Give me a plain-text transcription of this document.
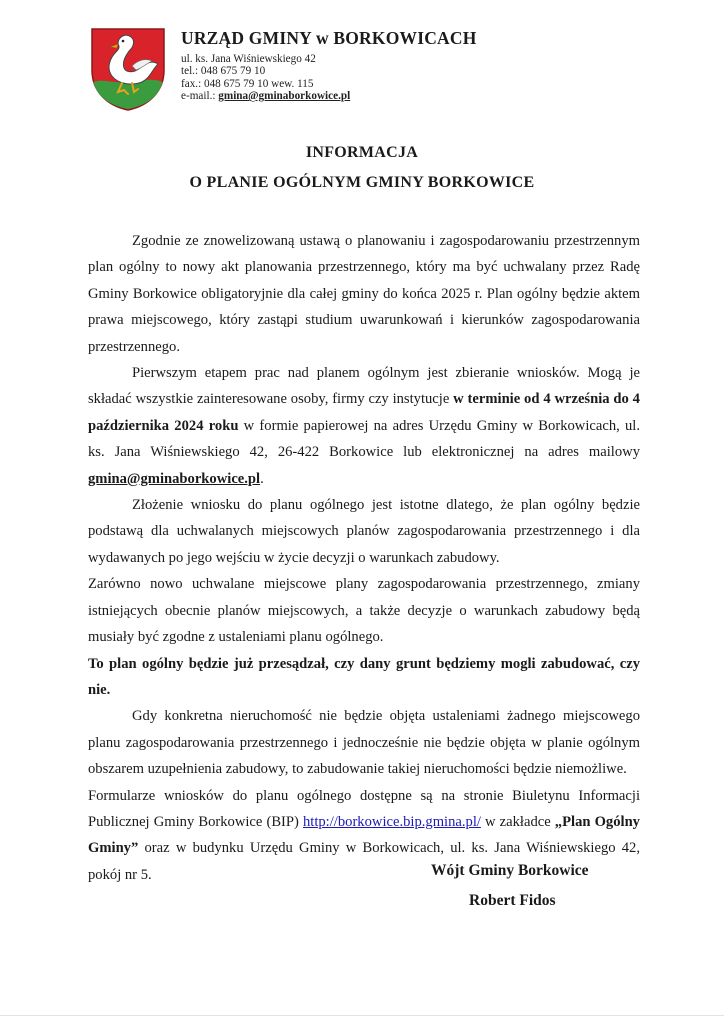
URZĄD GMINY w BORKOWICACH
ul. ks. Jana Wiśniewskiego 42
tel.: 048 675 79 10
fax.: 048 675 79 10 wew. 115
e-mail.: gmina@gminaborkowice.pl
INFORMACJA
O PLANIE OGÓLNYM GMINY BORKOWICE

Zgodnie ze znowelizowaną ustawą o planowaniu i zagospodarowaniu przestrzennym plan ogólny to nowy akt planowania przestrzennego, który ma być uchwalany przez Radę Gminy Borkowice obligatoryjnie dla całej gminy do końca 2025 r. Plan ogólny będzie aktem prawa miejscowego, który zastąpi studium uwarunkowań i kierunków zagospodarowania przestrzennego.

Pierwszym etapem prac nad planem ogólnym jest zbieranie wniosków. Mogą je składać wszystkie zainteresowane osoby, firmy czy instytucje w terminie od 4 września do 4 października 2024 roku w formie papierowej na adres Urzędu Gminy w Borkowicach, ul. ks. Jana Wiśniewskiego 42, 26-422 Borkowice lub elektronicznej na adres mailowy gmina@gminaborkowice.pl.

Złożenie wniosku do planu ogólnego jest istotne dlatego, że plan ogólny będzie podstawą dla uchwalanych miejscowych planów zagospodarowania przestrzennego i dla wydawanych po jego wejściu w życie decyzji o warunkach zabudowy.

Zarówno nowo uchwalane miejscowe plany zagospodarowania przestrzennego, zmiany istniejących obecnie planów miejscowych, a także decyzje o warunkach zabudowy będą musiały być zgodne z ustaleniami planu ogólnego.

To plan ogólny będzie już przesądzał, czy dany grunt będziemy mogli zabudować, czy nie.

Gdy konkretna nieruchomość nie będzie objęta ustaleniami żadnego miejscowego planu zagospodarowania przestrzennego i jednocześnie nie będzie objęta w planie ogólnym obszarem uzupełnienia zabudowy, to zabudowanie takiej nieruchomości będzie niemożliwe.

Formularze wniosków do planu ogólnego dostępne są na stronie Biuletynu Informacji Publicznej Gminy Borkowice (BIP) http://borkowice.bip.gmina.pl/ w zakładce „Plan Ogólny Gminy” oraz w budynku Urzędu Gminy w Borkowicach, ul. ks. Jana Wiśniewskiego 42, pokój nr 5.	Wójt Gminy Borkowice
Robert Fidos
